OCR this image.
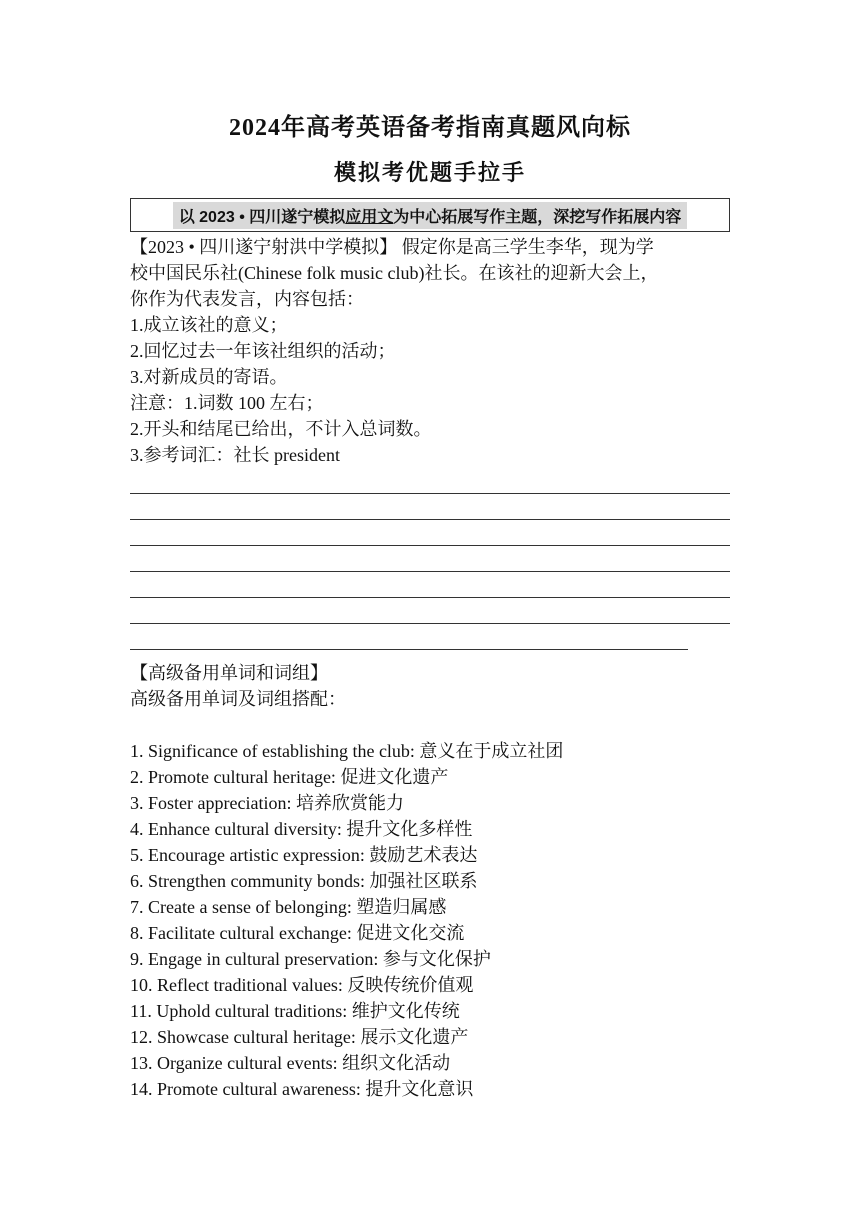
2024年高考英语备考指南真题风向标
模拟考优题手拉手
以 2023 • 四川遂宁模拟应用文为中心拓展写作主题，深挖写作拓展内容
【2023 • 四川遂宁射洪中学模拟】 假定你是高三学生李华，现为学
校中国民乐社(Chinese folk music club)社长。在该社的迎新大会上，
你作为代表发言，内容包括：
1.成立该社的意义；
2.回忆过去一年该社组织的活动；
3.对新成员的寄语。
注意：1.词数 100 左右；
2.开头和结尾已给出，不计入总词数。
3.参考词汇：社长 president
【高级备用单词和词组】
高级备用单词及词组搭配：
1. Significance of establishing the club: 意义在于成立社团
2. Promote cultural heritage: 促进文化遗产
3. Foster appreciation: 培养欣赏能力
4. Enhance cultural diversity: 提升文化多样性
5. Encourage artistic expression: 鼓励艺术表达
6. Strengthen community bonds: 加强社区联系
7. Create a sense of belonging: 塑造归属感
8. Facilitate cultural exchange: 促进文化交流
9. Engage in cultural preservation: 参与文化保护
10. Reflect traditional values: 反映传统价值观
11. Uphold cultural traditions: 维护文化传统
12. Showcase cultural heritage: 展示文化遗产
13. Organize cultural events: 组织文化活动
14. Promote cultural awareness: 提升文化意识
